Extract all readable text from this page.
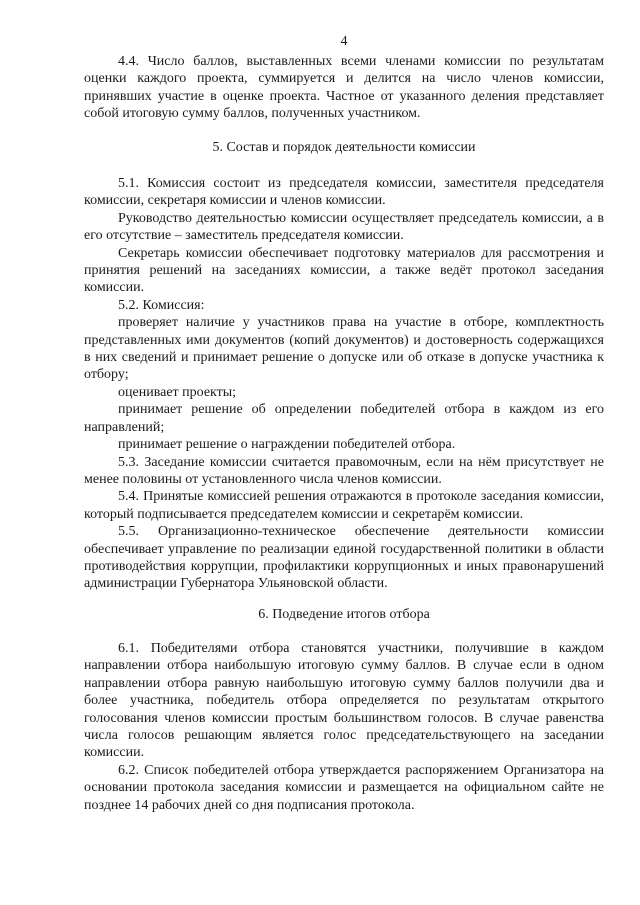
4

4.4. Число баллов, выставленных всеми членами комиссии по результатам оценки каждого проекта, суммируется и делится на число членов комиссии, принявших участие в оценке проекта. Частное от указанного деления представляет собой итоговую сумму баллов, полученных участником.

5. Состав и порядок деятельности комиссии

5.1. Комиссия состоит из председателя комиссии, заместителя председателя комиссии, секретаря комиссии и членов комиссии.

Руководство деятельностью комиссии осуществляет председатель комиссии, а в его отсутствие – заместитель председателя комиссии.

Секретарь комиссии обеспечивает подготовку материалов для рассмотрения и принятия решений на заседаниях комиссии, а также ведёт протокол заседания комиссии.

5.2. Комиссия:

проверяет наличие у участников права на участие в отборе, комплектность представленных ими документов (копий документов) и достоверность содержащихся в них сведений и принимает решение о допуске или об отказе в допуске участника к отбору;

оценивает проекты;

принимает решение об определении победителей отбора в каждом из его направлений;

принимает решение о награждении победителей отбора.

5.3. Заседание комиссии считается правомочным, если на нём присутствует не менее половины от установленного числа членов комиссии.

5.4. Принятые комиссией решения отражаются в протоколе заседания комиссии, который подписывается председателем комиссии и секретарём комиссии.

5.5. Организационно-техническое обеспечение деятельности комиссии обеспечивает управление по реализации единой государственной политики в области противодействия коррупции, профилактики коррупционных и иных правонарушений администрации Губернатора Ульяновской области.

6. Подведение итогов отбора

6.1. Победителями отбора становятся участники, получившие в каждом направлении отбора наибольшую итоговую сумму баллов. В случае если в одном направлении отбора равную наибольшую итоговую сумму баллов получили два и более участника, победитель отбора определяется по результатам открытого голосования членов комиссии простым большинством голосов. В случае равенства числа голосов решающим является голос председательствующего на заседании комиссии.

6.2. Список победителей отбора утверждается распоряжением Организатора на основании протокола заседания комиссии и размещается на официальном сайте не позднее 14 рабочих дней со дня подписания протокола.
